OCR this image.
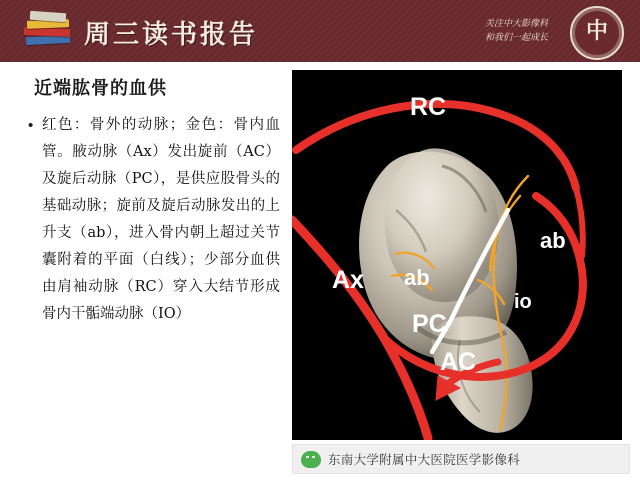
周三读书报告	关注中大影像科
和我们一起成长	中
近端肱骨的血供
• 红色：骨外的动脉；金色：骨内血管。腋动脉（Ax）发出旋前（AC）及旋后动脉（PC），是供应股骨头的基础动脉；旋前及旋后动脉发出的上升支（ab），进入骨内朝上超过关节囊附着的平面（白线）；少部分血供由肩袖动脉（RC）穿入大结节形成骨内干骺端动脉（IO）
RC
ab
ab
io
Ax
PC
AC
东南大学附属中大医院医学影像科
